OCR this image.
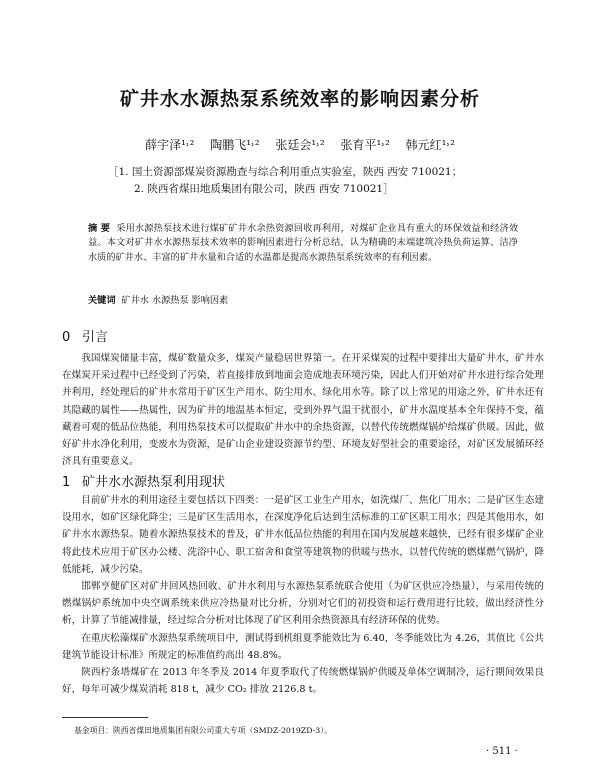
矿井水水源热泵系统效率的影响因素分析
薛宇泽¹˒² 陶鹏飞¹˒² 张廷会¹˒² 张育平¹˒² 韩元红¹˒²
［1. 国土资源部煤炭资源勘查与综合利用重点实验室，陕西 西安 710021；
2. 陕西省煤田地质集团有限公司，陕西 西安 710021］
摘 要 采用水源热泵技术进行煤矿矿井水余热资源回收再利用，对煤矿企业具有重大的环保效益和经济效益。本文对矿井水水源热泵技术效率的影响因素进行分析总结，认为精确的末端建筑冷热负荷运算、洁净水质的矿井水、丰富的矿井水量和合适的水温都是提高水源热泵系统效率的有利因素。
关键词 矿井水 水源热泵 影响因素
0 引言

我国煤炭储量丰富，煤矿数量众多，煤炭产量稳居世界第一。在开采煤炭的过程中要排出大量矿井水，矿井水在煤炭开采过程中已经受到了污染，若直接排放到地面会造成地表环境污染，因此人们开始对矿井水进行综合处理并利用，经处理后的矿井水常用于矿区生产用水、防尘用水、绿化用水等。除了以上常见的用途之外，矿井水还有其隐藏的属性——热属性，因为矿井的地温基本恒定，受到外界气温干扰很小，矿井水温度基本全年保持不变，蕴藏着可观的低品位热能，利用热泵技术可以提取矿井水中的余热资源，以替代传统燃煤锅炉给煤矿供暖。因此，做好矿井水净化利用，变废水为资源，是矿山企业建设资源节约型、环境友好型社会的重要途径，对矿区发展循环经济具有重要意义。

1 矿井水水源热泵利用现状

目前矿井水的利用途径主要包括以下四类：一是矿区工业生产用水，如洗煤厂、焦化厂用水；二是矿区生态建设用水，如矿区绿化降尘；三是矿区生活用水，在深度净化后达到生活标准的工矿区职工用水；四是其他用水，如矿井水水源热泵。随着水源热泵技术的普及，矿井水低品位热能的利用在国内发展越来越快，已经有很多煤矿企业将此技术应用于矿区办公楼、洗浴中心、职工宿舍和食堂等建筑物的供暖与热水，以替代传统的燃煤燃气锅炉，降低能耗，减少污染。

邯郸亨健矿区对矿井回风热回收、矿井水利用与水源热泵系统联合使用（为矿区供应冷热量），与采用传统的燃煤锅炉系统加中央空调系统来供应冷热量对比分析，分别对它们的初投资和运行费用进行比较，做出经济性分析，计算了节能减排量，经过综合分析对比体现了矿区利用余热资源具有经济环保的优势。

在重庆松藻煤矿水源热泵系统项目中，测试得到机组夏季能效比为 6.40，冬季能效比为 4.26，其值比《公共建筑节能设计标准》所规定的标准值约高出 48.8%。

陕西柠条塔煤矿在 2013 年冬季及 2014 年夏季取代了传统燃煤锅炉供暖及单体空调制冷，运行期间效果良好，每年可减少煤炭消耗 818 t，减少 CO₂ 排放 2126.8 t。

基金项目：陕西省煤田地质集团有限公司重大专项（SMDZ-2019ZD-3）。
· 511 ·
